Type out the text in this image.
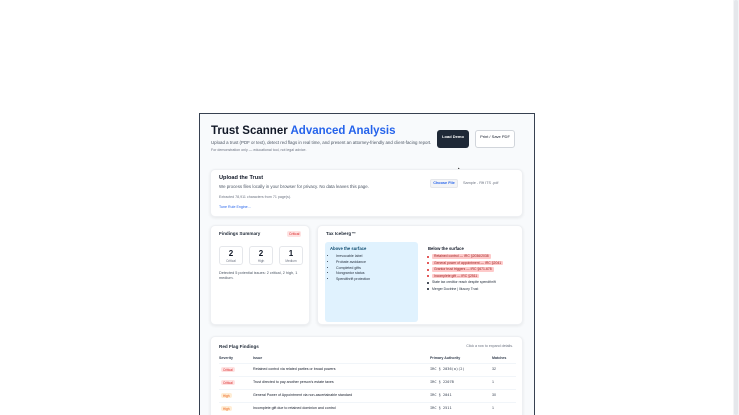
Trust Scanner Advanced Analysis
Upload a trust (PDF or text), detect red flags in real time, and present an attorney-friendly and client-facing report.
For demonstration only — educational tool, not legal advice.
Load Demo	Print / Save PDF
Upload the Trust
We process files locally in your browser for privacy. No data leaves this page.
Choose File	Sample - Rft ITS .pdf
Extracted 78,911 characters from 71 page(s).
Tune Rule Engine…
Findings Summary	Critical
2
Critical
2
High
1
Medium
Detected 5 potential issues: 2 critical, 2 high, 1 medium.
Tax Iceberg™
Above the surface
• Irrevocable label
• Probate avoidance
• Completed gifts
• Nongrantor status
• Spendthrift protection
Below the surface
Retained control — IRC §2036/2038
General power of appointment — IRC §2041
Grantor trust triggers — IRC §671-678
Incomplete gift — IRC §2511
State tax creditor reach despite spendthrift
Merger Doctrine | Illusory Trust
Red Flag Findings	Click a row to expand details.
Severity	Issue	Primary Authority	Matches
Critical	Retained control via related parties or broad powers	IRC § 2036(a)(2)	32
Critical	Trust directed to pay another person's estate taxes	IRC § 2207B	1
High	General Power of Appointment via non-ascertainable standard	IRC § 2041	30
High	Incomplete gift due to retained dominion and control	IRC § 2511	1
